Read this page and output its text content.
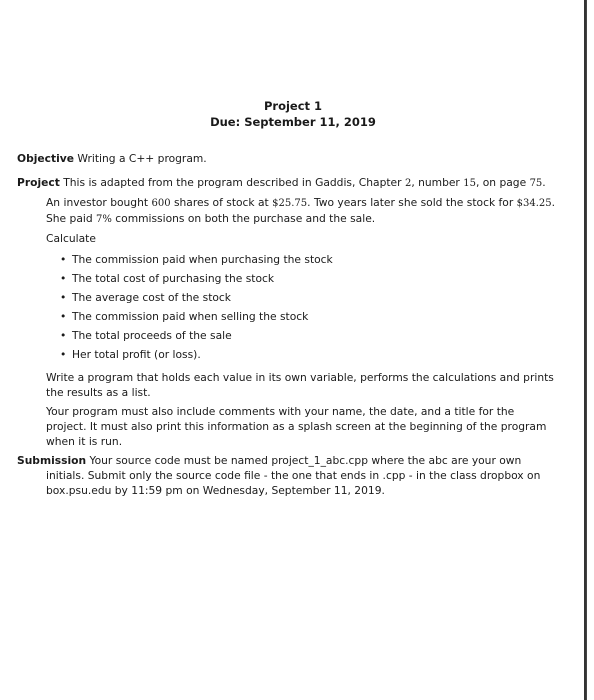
Project 1
Due: September 11, 2019

Objective Writing a C++ program.

Project This is adapted from the program described in Gaddis, Chapter 2, number 15, on page 75.

An investor bought 600 shares of stock at $25.75. Two years later she sold the stock for $34.25. She paid 7% commissions on both the purchase and the sale.

Calculate

• The commission paid when purchasing the stock
• The total cost of purchasing the stock
• The average cost of the stock
• The commission paid when selling the stock
• The total proceeds of the sale
• Her total profit (or loss).

Write a program that holds each value in its own variable, performs the calculations and prints the results as a list.

Your program must also include comments with your name, the date, and a title for the project. It must also print this information as a splash screen at the beginning of the program when it is run.

Submission Your source code must be named project_1_abc.cpp where the abc are your own initials. Submit only the source code file - the one that ends in .cpp - in the class dropbox on box.psu.edu by 11:59 pm on Wednesday, September 11, 2019.
